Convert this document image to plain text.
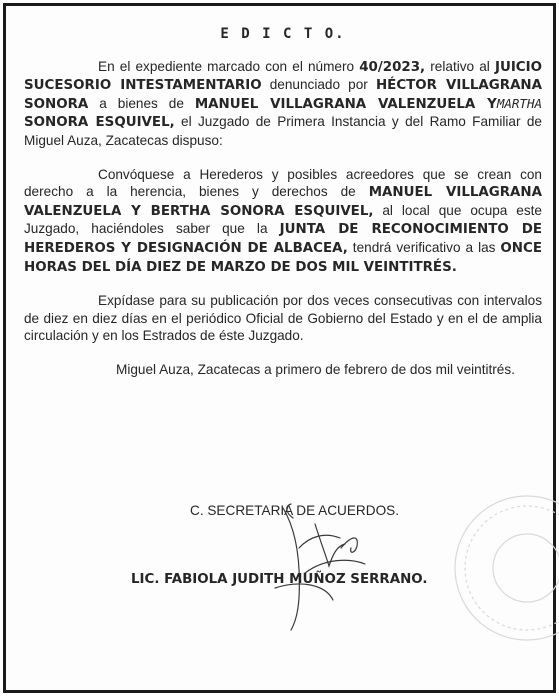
E D I C T O.

En el expediente marcado con el número 40/2023, relativo al JUICIO SUCESORIO INTESTAMENTARIO denunciado por HÉCTOR VILLAGRANA SONORA a bienes de MANUEL VILLAGRANA VALENZUELA YMARTHA SONORA ESQUIVEL, el Juzgado de Primera Instancia y del Ramo Familiar de Miguel Auza, Zacatecas dispuso:

Convóquese a Herederos y posibles acreedores que se crean con derecho a la herencia, bienes y derechos de MANUEL VILLAGRANA VALENZUELA Y BERTHA SONORA ESQUIVEL, al local que ocupa este Juzgado, haciéndoles saber que la JUNTA DE RECONOCIMIENTO DE HEREDEROS Y DESIGNACIÓN DE ALBACEA, tendrá verificativo a las ONCE HORAS DEL DÍA DIEZ DE MARZO DE DOS MIL VEINTITRÉS.

Expídase para su publicación por dos veces consecutivas con intervalos de diez en diez días en el periódico Oficial de Gobierno del Estado y en el de amplia circulación y en los Estrados de éste Juzgado.

Miguel Auza, Zacatecas a primero de febrero de dos mil veintitrés.

C. SECRETARIA DE ACUERDOS.
LIC. FABIOLA JUDITH MUÑOZ SERRANO.
